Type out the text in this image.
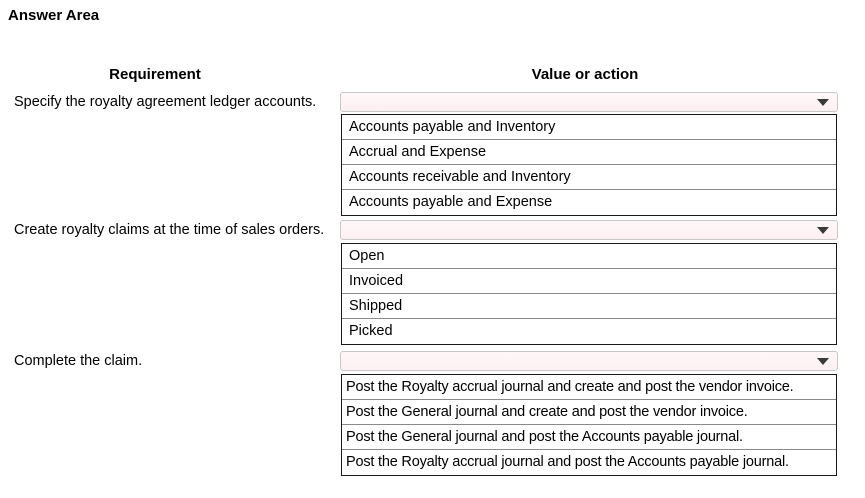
Answer Area
Requirement	Value or action
Specify the royalty agreement ledger accounts.
Accounts payable and Inventory
Accrual and Expense
Accounts receivable and Inventory
Accounts payable and Expense
Create royalty claims at the time of sales orders.
Open
Invoiced
Shipped
Picked
Complete the claim.
Post the Royalty accrual journal and create and post the vendor invoice.
Post the General journal and create and post the vendor invoice.
Post the General journal and post the Accounts payable journal.
Post the Royalty accrual journal and post the Accounts payable journal.
